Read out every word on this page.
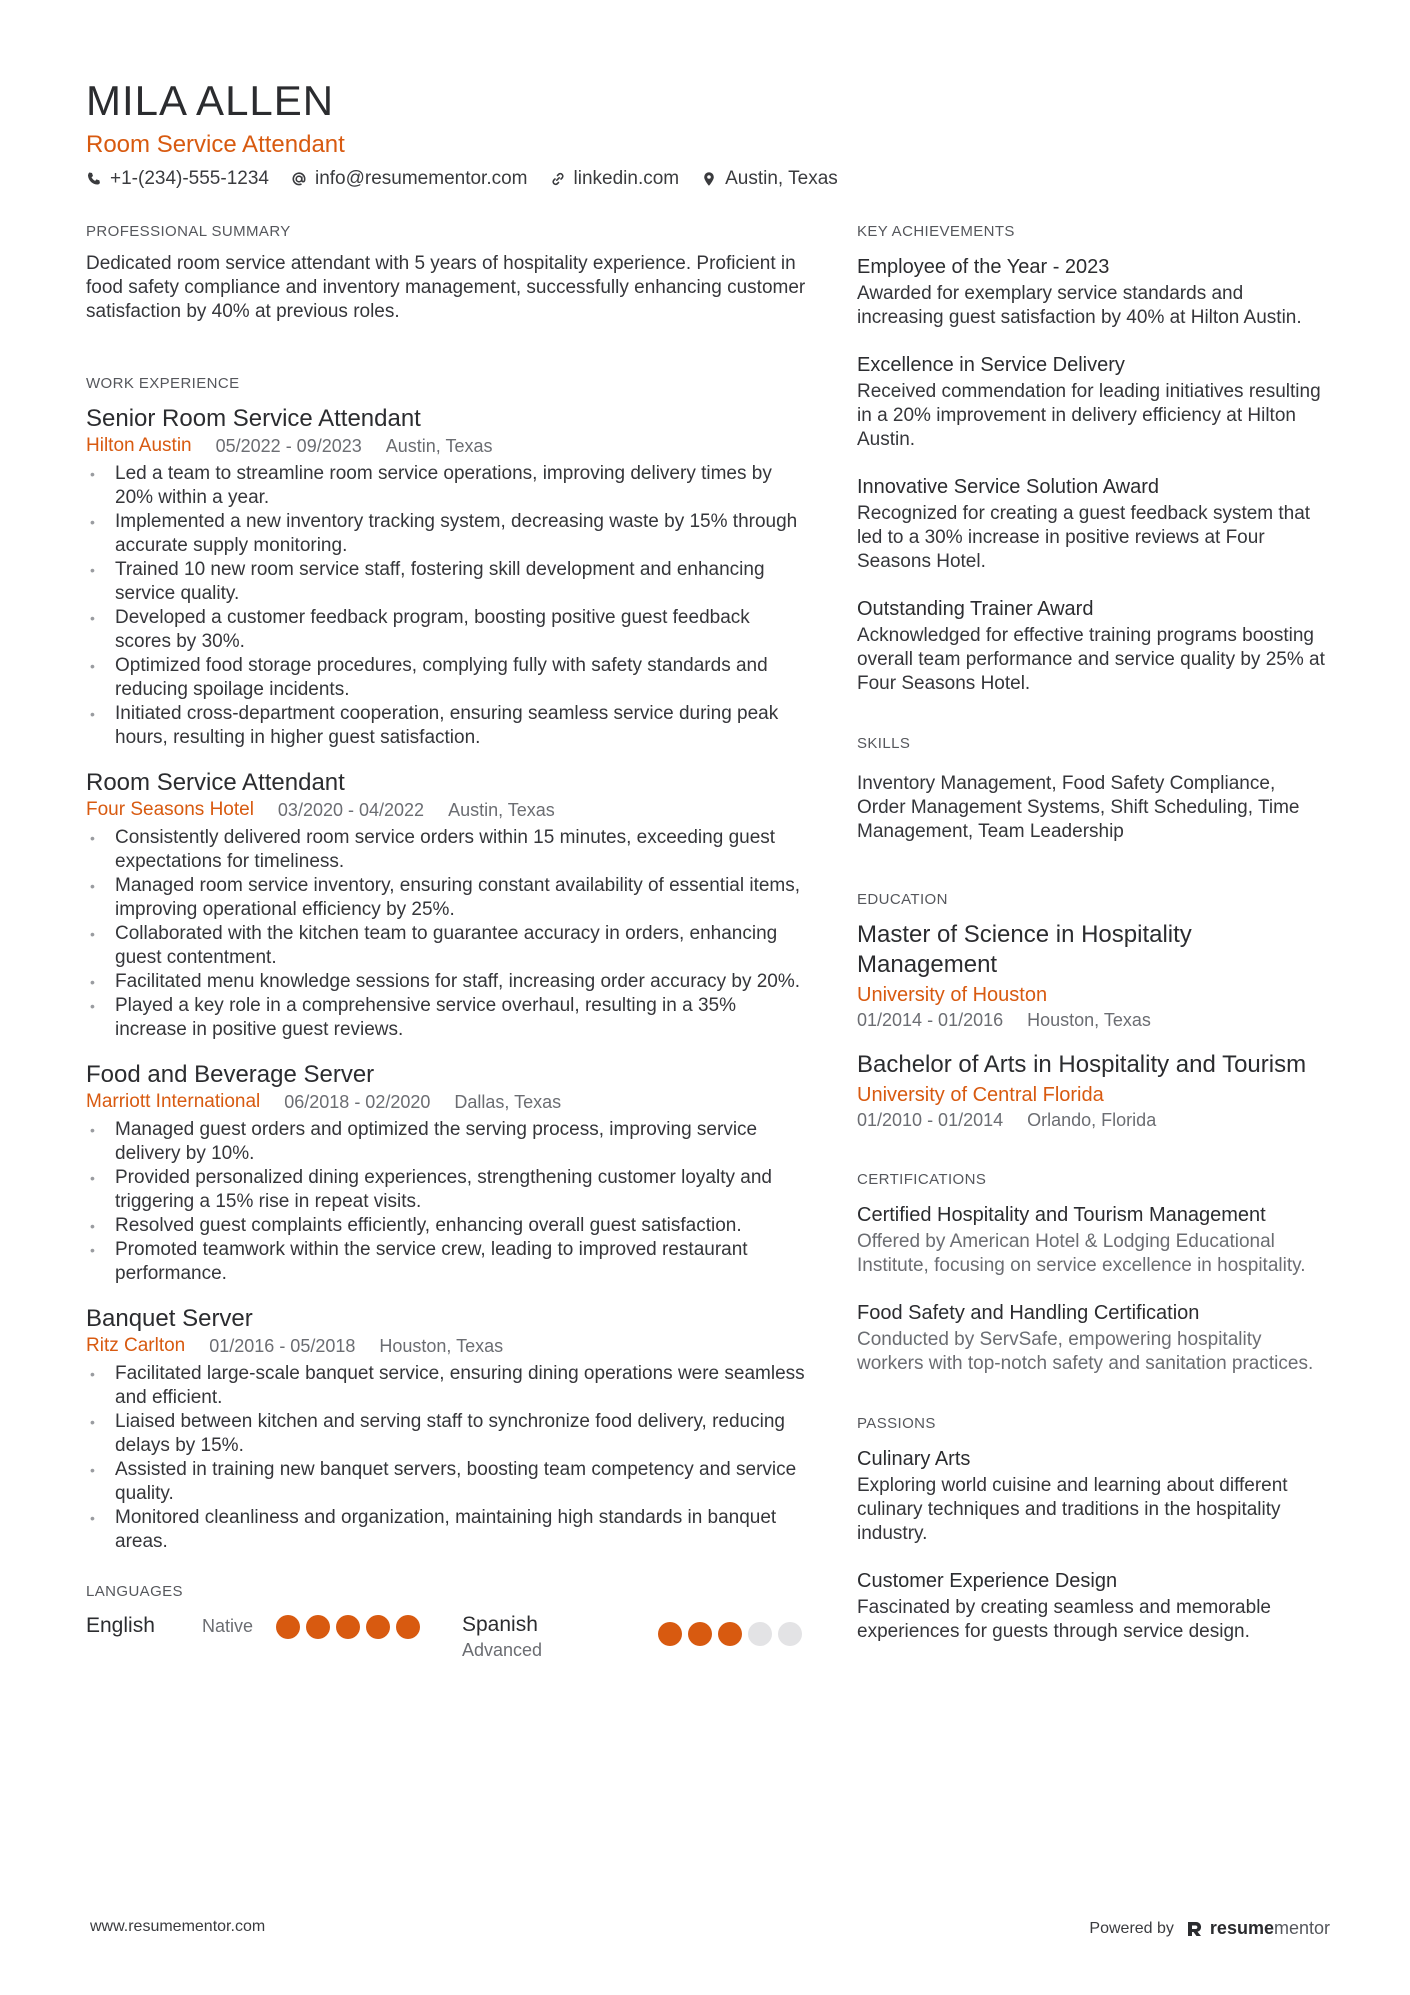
MILA ALLEN
Room Service Attendant
+1-(234)-555-1234 info@resumementor.com linkedin.com Austin, Texas
PROFESSIONAL SUMMARY
Dedicated room service attendant with 5 years of hospitality experience. Proficient in food safety compliance and inventory management, successfully enhancing customer satisfaction by 40% at previous roles.
WORK EXPERIENCE
Senior Room Service Attendant
Hilton Austin 05/2022 - 09/2023 Austin, Texas
• Led a team to streamline room service operations, improving delivery times by 20% within a year.
• Implemented a new inventory tracking system, decreasing waste by 15% through accurate supply monitoring.
• Trained 10 new room service staff, fostering skill development and enhancing service quality.
• Developed a customer feedback program, boosting positive guest feedback scores by 30%.
• Optimized food storage procedures, complying fully with safety standards and reducing spoilage incidents.
• Initiated cross-department cooperation, ensuring seamless service during peak hours, resulting in higher guest satisfaction.
Room Service Attendant
Four Seasons Hotel 03/2020 - 04/2022 Austin, Texas
• Consistently delivered room service orders within 15 minutes, exceeding guest expectations for timeliness.
• Managed room service inventory, ensuring constant availability of essential items, improving operational efficiency by 25%.
• Collaborated with the kitchen team to guarantee accuracy in orders, enhancing guest contentment.
• Facilitated menu knowledge sessions for staff, increasing order accuracy by 20%.
• Played a key role in a comprehensive service overhaul, resulting in a 35% increase in positive guest reviews.
Food and Beverage Server
Marriott International 06/2018 - 02/2020 Dallas, Texas
• Managed guest orders and optimized the serving process, improving service delivery by 10%.
• Provided personalized dining experiences, strengthening customer loyalty and triggering a 15% rise in repeat visits.
• Resolved guest complaints efficiently, enhancing overall guest satisfaction.
• Promoted teamwork within the service crew, leading to improved restaurant performance.
Banquet Server
Ritz Carlton 01/2016 - 05/2018 Houston, Texas
• Facilitated large-scale banquet service, ensuring dining operations were seamless and efficient.
• Liaised between kitchen and serving staff to synchronize food delivery, reducing delays by 15%.
• Assisted in training new banquet servers, boosting team competency and service quality.
• Monitored cleanliness and organization, maintaining high standards in banquet areas.
LANGUAGES
English	Native	Spanish
Advanced
KEY ACHIEVEMENTS
Employee of the Year - 2023
Awarded for exemplary service standards and increasing guest satisfaction by 40% at Hilton Austin.
Excellence in Service Delivery
Received commendation for leading initiatives resulting in a 20% improvement in delivery efficiency at Hilton Austin.
Innovative Service Solution Award
Recognized for creating a guest feedback system that led to a 30% increase in positive reviews at Four Seasons Hotel.
Outstanding Trainer Award
Acknowledged for effective training programs boosting overall team performance and service quality by 25% at Four Seasons Hotel.
SKILLS
Inventory Management, Food Safety Compliance, Order Management Systems, Shift Scheduling, Time Management, Team Leadership
EDUCATION
Master of Science in Hospitality Management
University of Houston
01/2014 - 01/2016 Houston, Texas
Bachelor of Arts in Hospitality and Tourism
University of Central Florida
01/2010 - 01/2014 Orlando, Florida
CERTIFICATIONS
Certified Hospitality and Tourism Management
Offered by American Hotel & Lodging Educational Institute, focusing on service excellence in hospitality.
Food Safety and Handling Certification
Conducted by ServSafe, empowering hospitality workers with top-notch safety and sanitation practices.
PASSIONS
Culinary Arts
Exploring world cuisine and learning about different culinary techniques and traditions in the hospitality industry.
Customer Experience Design
Fascinated by creating seamless and memorable experiences for guests through service design.
www.resumementor.com	Powered by resumementor
